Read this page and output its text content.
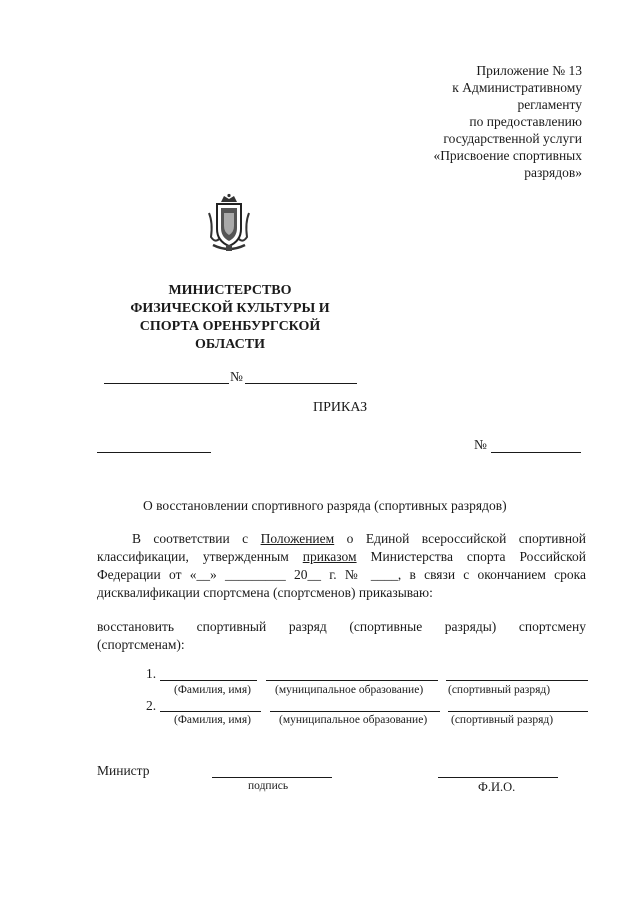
Приложение № 13
к Административному
регламенту
по предоставлению
государственной услуги
«Присвоение спортивных
разрядов»
МИНИСТЕРСТВО
ФИЗИЧЕСКОЙ КУЛЬТУРЫ И
СПОРТА ОРЕНБУРГСКОЙ
ОБЛАСТИ
№
ПРИКАЗ
№
О восстановлении спортивного разряда (спортивных разрядов)
В соответствии с Положением о Единой всероссийской спортивной
классификации, утвержденным приказом Министерства спорта Российской
Федерации от «__» _________ 20__ г. № ____, в связи с окончанием срока
дисквалификации спортсмена (спортсменов) приказываю:
восстановить спортивный разряд (спортивные разряды) спортсмену
(спортсменам):
1.
(Фамилия, имя) (муниципальное образование) (спортивный разряд)
2.
(Фамилия, имя) (муниципальное образование) (спортивный разряд)
Министр
подпись	Ф.И.О.
